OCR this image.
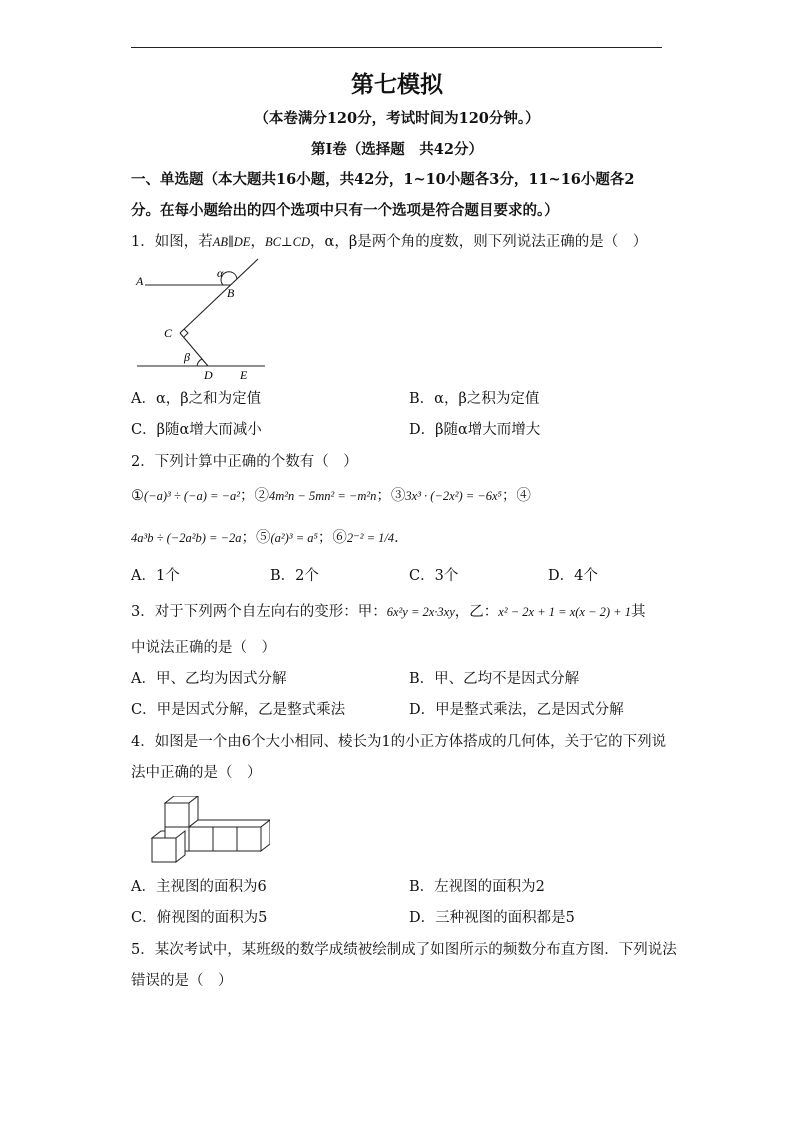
第七模拟
（本卷满分120分，考试时间为120分钟。）
第I卷（选择题　共42分）
一、单选题（本大题共16小题，共42分，1~10小题各3分，11~16小题各2
分。在每小题给出的四个选项中只有一个选项是符合题目要求的。）
1．如图，若AB∥DE，BC⊥CD，α，β是两个角的度数，则下列说法正确的是（　）
A
α
B
C
β
D E
A．α，β之和为定值	B．α，β之积为定值
C．β随α增大而减小	D．β随α增大而增大
2．下列计算中正确的个数有（　）
①(−a)³ ÷ (−a) = −a²；②4m²n − 5mn² = −m²n；③3x³ · (−2x²) = −6x⁵；④
4a³b ÷ (−2a²b) = −2a；⑤(a²)³ = a⁵；⑥2⁻² = 1/4．
A．1个	B．2个	C．3个	D．4个
3．对于下列两个自左向右的变形：甲：6x²y = 2x·3xy，乙：x² − 2x + 1 = x(x − 2) + 1其
中说法正确的是（　）
A．甲、乙均为因式分解	B．甲、乙均不是因式分解
C．甲是因式分解，乙是整式乘法	D．甲是整式乘法，乙是因式分解
4．如图是一个由6个大小相同、棱长为1的小正方体搭成的几何体，关于它的下列说
法中正确的是（　）
A．主视图的面积为6	B．左视图的面积为2
C．俯视图的面积为5	D．三种视图的面积都是5
5．某次考试中，某班级的数学成绩被绘制成了如图所示的频数分布直方图．下列说法
错误的是（　）
